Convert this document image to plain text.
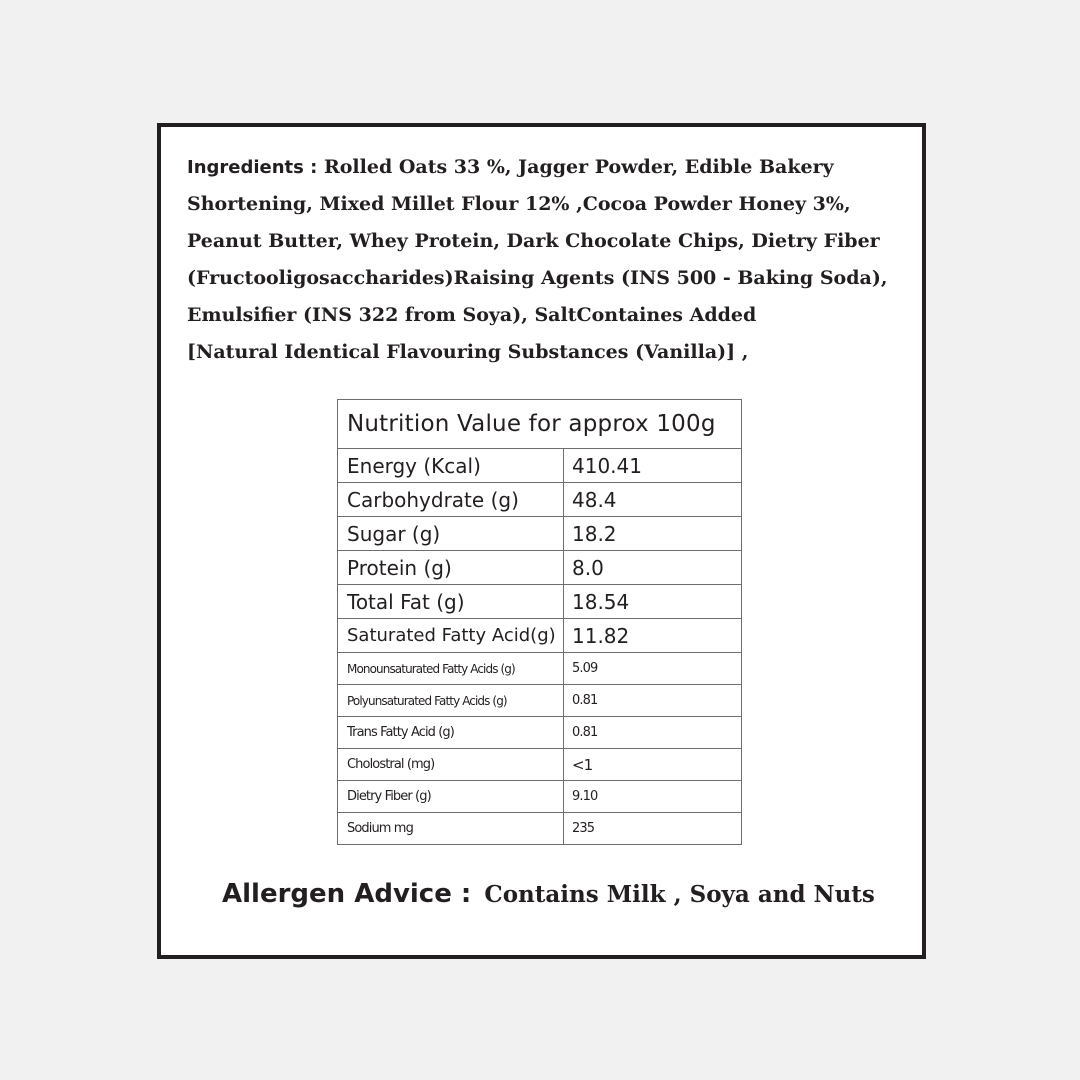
Ingredients : Rolled Oats 33 %, Jagger Powder, Edible Bakery
Shortening, Mixed Millet Flour 12% ,Cocoa Powder Honey 3%,
Peanut Butter, Whey Protein, Dark Chocolate Chips, Dietry Fiber
(Fructooligosaccharides)Raising Agents (INS 500 - Baking Soda),
Emulsifier (INS 322 from Soya), SaltContaines Added
[Natural Identical Flavouring Substances (Vanilla)] ,

Nutrition Value for approx 100g	
Energy (Kcal)	410.41
Carbohydrate (g)	48.4
Sugar (g)	18.2
Protein (g)	8.0
Total Fat (g)	18.54
Saturated Fatty Acid(g)	11.82
Monounsaturated Fatty Acids (g)	5.09
Polyunsaturated Fatty Acids (g)	0.81
Trans Fatty Acid (g)	0.81
Cholostral (mg)	<1
Dietry Fiber (g)	9.10
Sodium mg	235
Allergen Advice : Contains Milk , Soya and Nuts
